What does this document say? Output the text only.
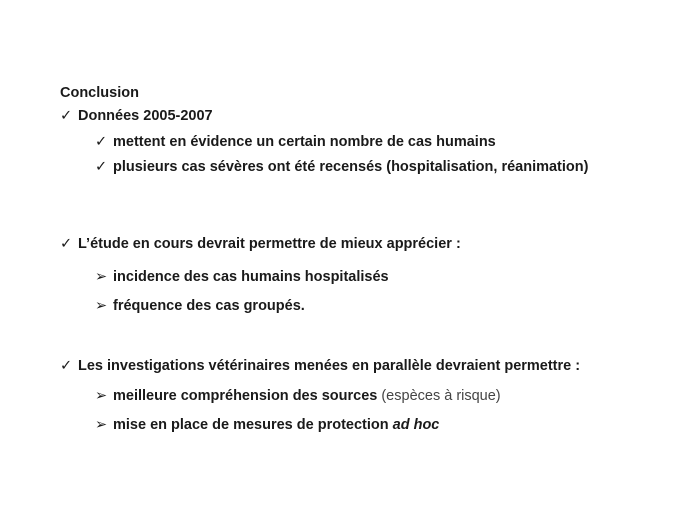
Conclusion
✓ Données 2005-2007
✓ mettent en évidence un certain nombre de cas humains
✓ plusieurs cas sévères ont été recensés (hospitalisation, réanimation)
✓ L’étude en cours devrait permettre de mieux apprécier :
➢ incidence des cas humains hospitalisés
➢ fréquence des cas groupés.
✓ Les investigations vétérinaires menées en parallèle devraient permettre :
➢ meilleure compréhension des sources (espèces à risque)
➢ mise en place de mesures de protection ad hoc
